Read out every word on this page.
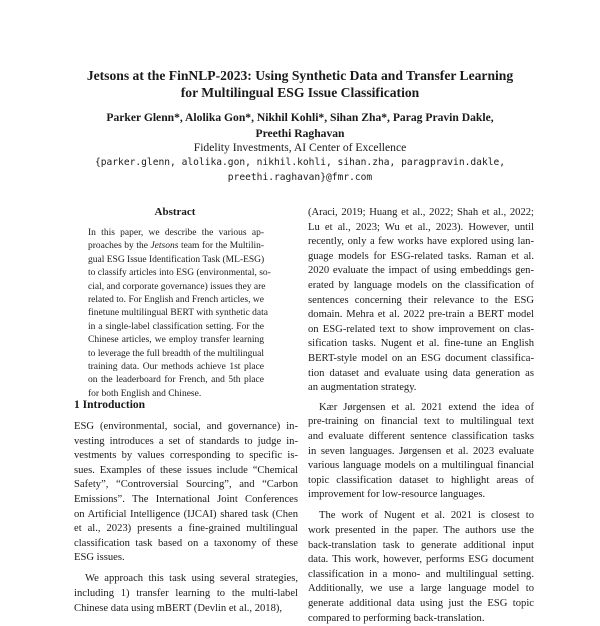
Jetsons at the FinNLP-2023: Using Synthetic Data and Transfer Learning
for Multilingual ESG Issue Classification
Parker Glenn*, Alolika Gon*, Nikhil Kohli*, Sihan Zha*, Parag Pravin Dakle,
Preethi Raghavan
Fidelity Investments, AI Center of Excellence
{parker.glenn, alolika.gon, nikhil.kohli, sihan.zha, paragpravin.dakle,
preethi.raghavan}@fmr.com
Abstract
In this paper, we describe the various ap-
proaches by the Jetsons team for the Multilin-
gual ESG Issue Identification Task (ML-ESG)
to classify articles into ESG (environmental, so-
cial, and corporate governance) issues they are
related to. For English and French articles, we
finetune multilingual BERT with synthetic data
in a single-label classification setting. For the
Chinese articles, we employ transfer learning
to leverage the full breadth of the multilingual
training data. Our methods achieve 1st place
on the leaderboard for French, and 5th place
for both English and Chinese.
1 Introduction
ESG (environmental, social, and governance) in-
vesting introduces a set of standards to judge in-
vestments by values corresponding to specific is-
sues. Examples of these issues include “Chemical
Safety”, “Controversial Sourcing”, and “Carbon
Emissions”. The International Joint Conferences
on Artificial Intelligence (IJCAI) shared task (Chen
et al., 2023) presents a fine-grained multilingual
classification task based on a taxonomy of these
ESG issues.
We approach this task using several strategies,
including 1) transfer learning to the multi-label
Chinese data using mBERT (Devlin et al., 2018),
(Araci, 2019; Huang et al., 2022; Shah et al., 2022;
Lu et al., 2023; Wu et al., 2023). However, until
recently, only a few works have explored using lan-
guage models for ESG-related tasks. Raman et al.
2020 evaluate the impact of using embeddings gen-
erated by language models on the classification of
sentences concerning their relevance to the ESG
domain. Mehra et al. 2022 pre-train a BERT model
on ESG-related text to show improvement on clas-
sification tasks. Nugent et al. fine-tune an English
BERT-style model on an ESG document classifica-
tion dataset and evaluate using data generation as
an augmentation strategy.
Kær Jørgensen et al. 2021 extend the idea of
pre-training on financial text to multilingual text
and evaluate different sentence classification tasks
in seven languages. Jørgensen et al. 2023 evaluate
various language models on a multilingual financial
topic classification dataset to highlight areas of
improvement for low-resource languages.
The work of Nugent et al. 2021 is closest to
work presented in the paper. The authors use the
back-translation task to generate additional input
data. This work, however, performs ESG document
classification in a mono- and multilingual setting.
Additionally, we use a large language model to
generate additional data using just the ESG topic
compared to performing back-translation.
